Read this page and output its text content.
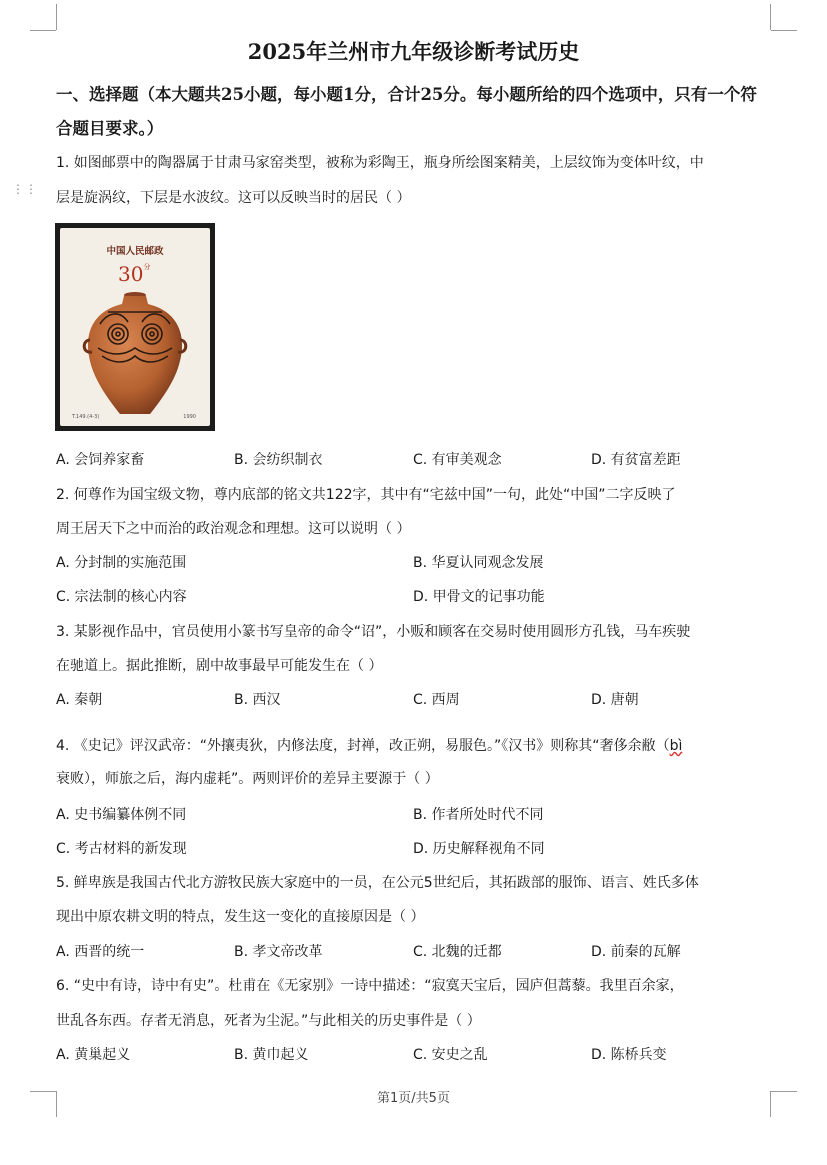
⋮⋮
2025年兰州市九年级诊断考试历史
一、选择题（本大题共25小题，每小题1分，合计25分。每小题所给的四个选项中，只有一个符合题目要求。）
1. 如图邮票中的陶器属于甘肃马家窑类型，被称为彩陶王，瓶身所绘图案精美，上层纹饰为变体叶纹，中
层是旋涡纹，下层是水波纹。这可以反映当时的居民（ ）
中国人民邮政
$30^分$
T.149.(4-3)	1990
A. 会饲养家畜	B. 会纺织制衣	C. 有审美观念	D. 有贫富差距
2. 何尊作为国宝级文物，尊内底部的铭文共122字，其中有“宅兹中国”一句，此处“中国”二字反映了
周王居天下之中而治的政治观念和理想。这可以说明（ ）
A. 分封制的实施范围	B. 华夏认同观念发展
C. 宗法制的核心内容	D. 甲骨文的记事功能
3. 某影视作品中，官员使用小篆书写皇帝的命令“诏”，小贩和顾客在交易时使用圆形方孔钱，马车疾驶
在驰道上。据此推断，剧中故事最早可能发生在（ ）
A. 秦朝	B. 西汉	C. 西周	D. 唐朝
4. 《史记》评汉武帝：“外攘夷狄，内修法度，封禅，改正朔，易服色。”《汉书》则称其“奢侈余敝（bì
衰败），师旅之后，海内虚耗”。两则评价的差异主要源于（ ）
A. 史书编纂体例不同	B. 作者所处时代不同
C. 考古材料的新发现	D. 历史解释视角不同
5. 鲜卑族是我国古代北方游牧民族大家庭中的一员，在公元5世纪后，其拓跋部的服饰、语言、姓氏多体
现出中原农耕文明的特点，发生这一变化的直接原因是（ ）
A. 西晋的统一	B. 孝文帝改革	C. 北魏的迁都	D. 前秦的瓦解
6. “史中有诗，诗中有史”。杜甫在《无家别》一诗中描述：“寂寞天宝后，园庐但蒿藜。我里百余家，
世乱各东西。存者无消息，死者为尘泥。”与此相关的历史事件是（ ）
A. 黄巢起义	B. 黄巾起义	C. 安史之乱	D. 陈桥兵变
第1页/共5页
